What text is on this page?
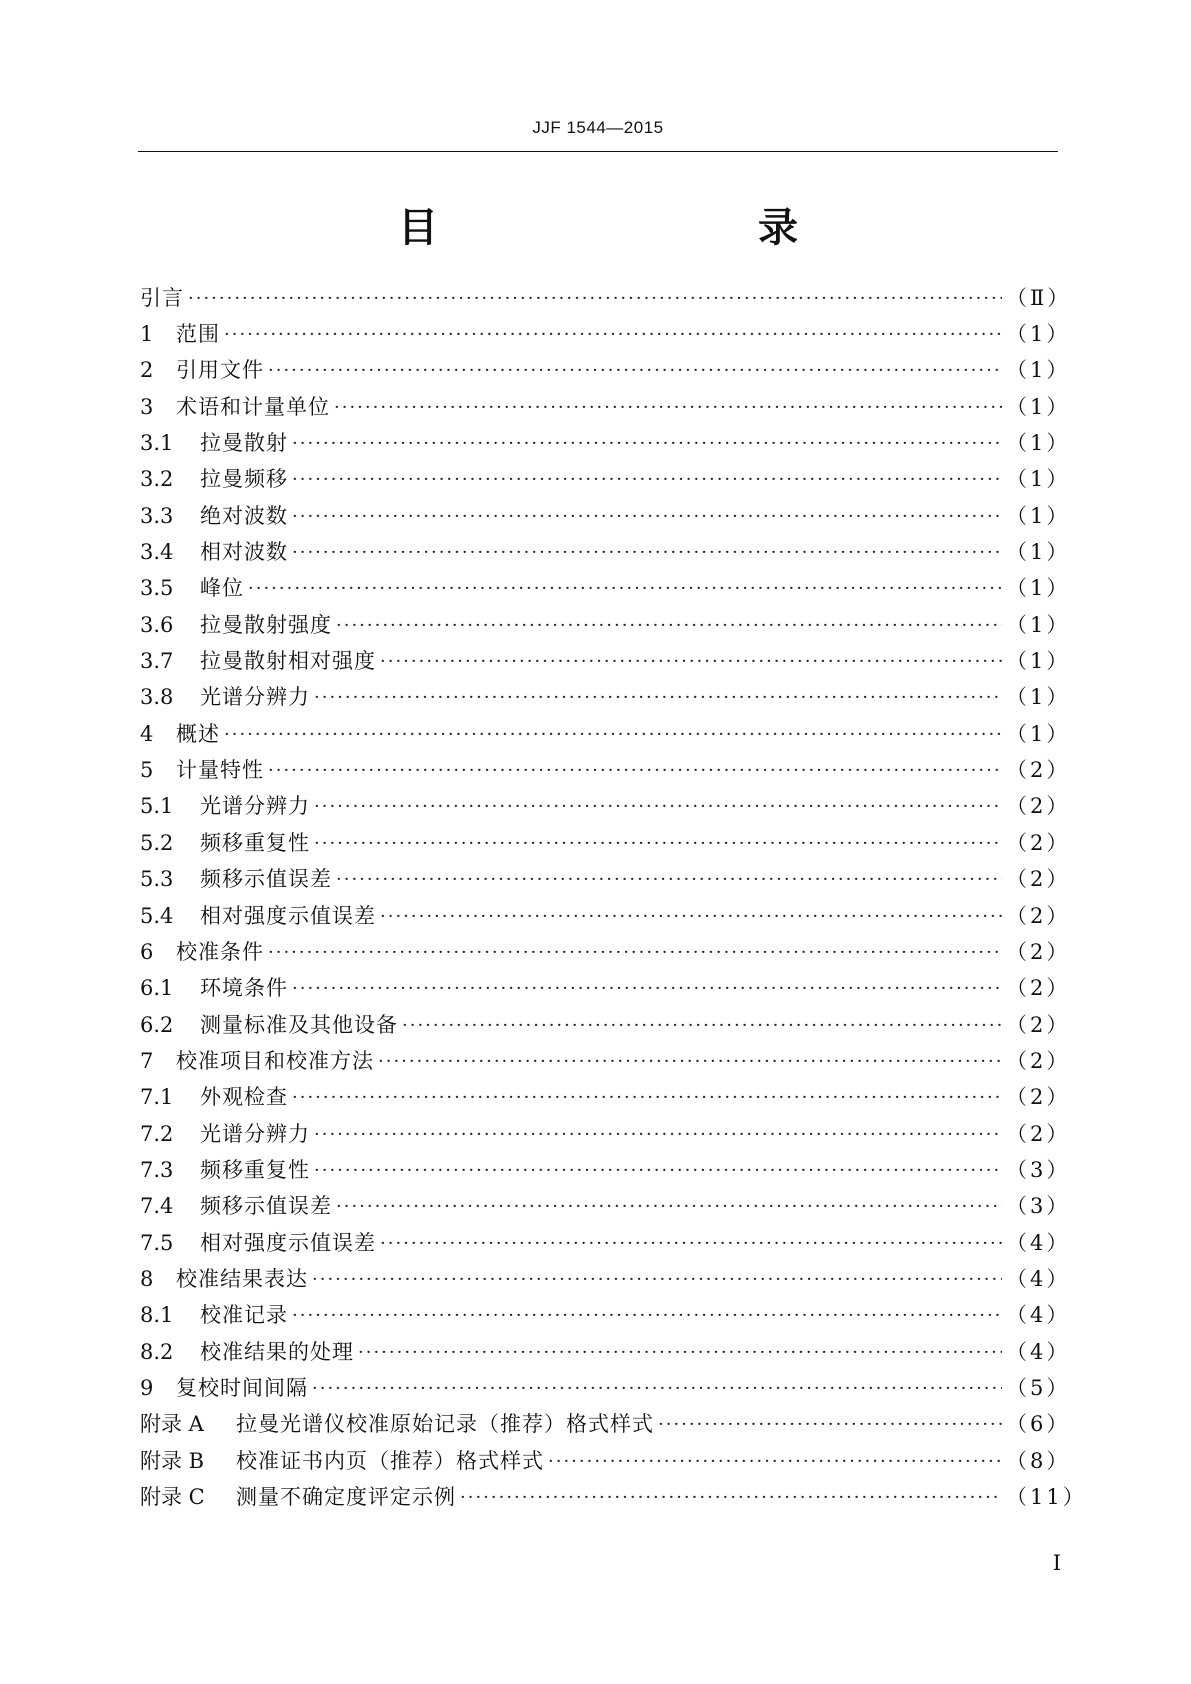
JJF 1544—2015
目　　录
引言 ·····	（Ⅱ）
1	范围 ·····	（1）
2	引用文件 ·····	（1）
3	术语和计量单位 ·····	（1）
3.1	拉曼散射 ·····	（1）
3.2	拉曼频移 ·····	（1）
3.3	绝对波数 ·····	（1）
3.4	相对波数 ·····	（1）
3.5	峰位 ·····	（1）
3.6	拉曼散射强度 ·····	（1）
3.7	拉曼散射相对强度 ·····	（1）
3.8	光谱分辨力 ·····	（1）
4	概述 ·····	（1）
5	计量特性 ·····	（2）
5.1	光谱分辨力 ·····	（2）
5.2	频移重复性 ·····	（2）
5.3	频移示值误差 ·····	（2）
5.4	相对强度示值误差 ·····	（2）
6	校准条件 ·····	（2）
6.1	环境条件 ·····	（2）
6.2	测量标准及其他设备 ·····	（2）
7	校准项目和校准方法 ·····	（2）
7.1	外观检查 ·····	（2）
7.2	光谱分辨力 ·····	（2）
7.3	频移重复性 ·····	（3）
7.4	频移示值误差 ·····	（3）
7.5	相对强度示值误差 ·····	（4）
8	校准结果表达 ·····	（4）
8.1	校准记录 ·····	（4）
8.2	校准结果的处理 ·····	（4）
9	复校时间间隔 ·····	（5）
附录 A	拉曼光谱仪校准原始记录（推荐）格式样式 ·····	（6）
附录 B	校准证书内页（推荐）格式样式 ·····	（8）
附录 C	测量不确定度评定示例 ·····	（11）
Ⅰ
